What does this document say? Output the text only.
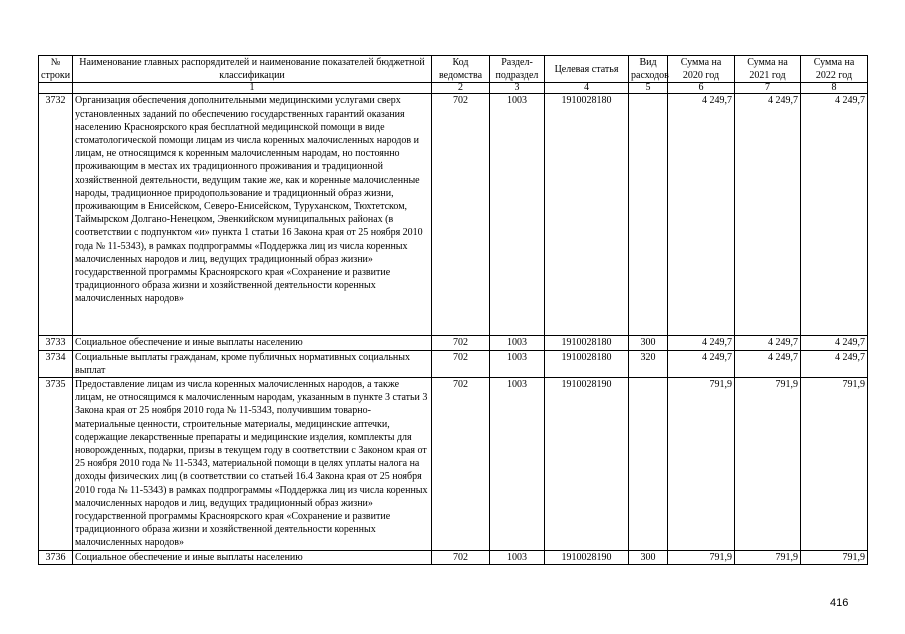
№ строки	Наименование главных распорядителей и наименование показателей бюджетной классификации	Код ведомства	Раздел-подраздел	Целевая статья	Вид расходов	Сумма на 2020 год	Сумма на 2021 год	Сумма на 2022 год
	1	2	3	4	5	6	7	8
3732	Организация обеспечения дополнительными медицинскими услугами сверх установленных заданий по обеспечению государственных гарантий оказания населению Красноярского края бесплатной медицинской помощи в виде стоматологической помощи лицам из числа коренных малочисленных народов и лицам, не относящимся к коренным малочисленным народам, но постоянно проживающим в местах их традиционного проживания и традиционной хозяйственной деятельности, ведущим такие же, как и коренные малочисленные народы, традиционное природопользование и традиционный образ жизни, проживающим в Енисейском, Северо-Енисейском, Туруханском, Тюхтетском, Таймырском Долгано-Ненецком, Эвенкийском муниципальных районах (в соответствии с подпунктом «и» пункта 1 статьи 16 Закона края от 25 ноября 2010 года № 11-5343), в рамках подпрограммы «Поддержка лиц из числа коренных малочисленных народов и лиц, ведущих традиционный образ жизни» государственной программы Красноярского края «Сохранение и развитие традиционного образа жизни и хозяйственной деятельности коренных малочисленных народов»	702	1003	1910028180		4 249,7	4 249,7	4 249,7
3733	Социальное обеспечение и иные выплаты населению	702	1003	1910028180	300	4 249,7	4 249,7	4 249,7
3734	Социальные выплаты гражданам, кроме публичных нормативных социальных выплат	702	1003	1910028180	320	4 249,7	4 249,7	4 249,7
3735	Предоставление лицам из числа коренных малочисленных народов, а также лицам, не относящимся к малочисленным народам, указанным в пункте 3 статьи 3 Закона края от 25 ноября 2010 года № 11-5343, получившим товарно-материальные ценности, строительные материалы, медицинские аптечки, содержащие лекарственные препараты и медицинские изделия, комплекты для новорожденных, подарки, призы в текущем году в соответствии с Законом края от 25 ноября 2010 года № 11-5343, материальной помощи в целях уплаты налога на доходы физических лиц (в соответствии со статьей 16.4 Закона края от 25 ноября 2010 года № 11-5343) в рамках подпрограммы «Поддержка лиц из числа коренных малочисленных народов и лиц, ведущих традиционный образ жизни» государственной программы Красноярского края «Сохранение и развитие традиционного образа жизни и хозяйственной деятельности коренных малочисленных народов»	702	1003	1910028190		791,9	791,9	791,9
3736	Социальное обеспечение и иные выплаты населению	702	1003	1910028190	300	791,9	791,9	791,9
416
